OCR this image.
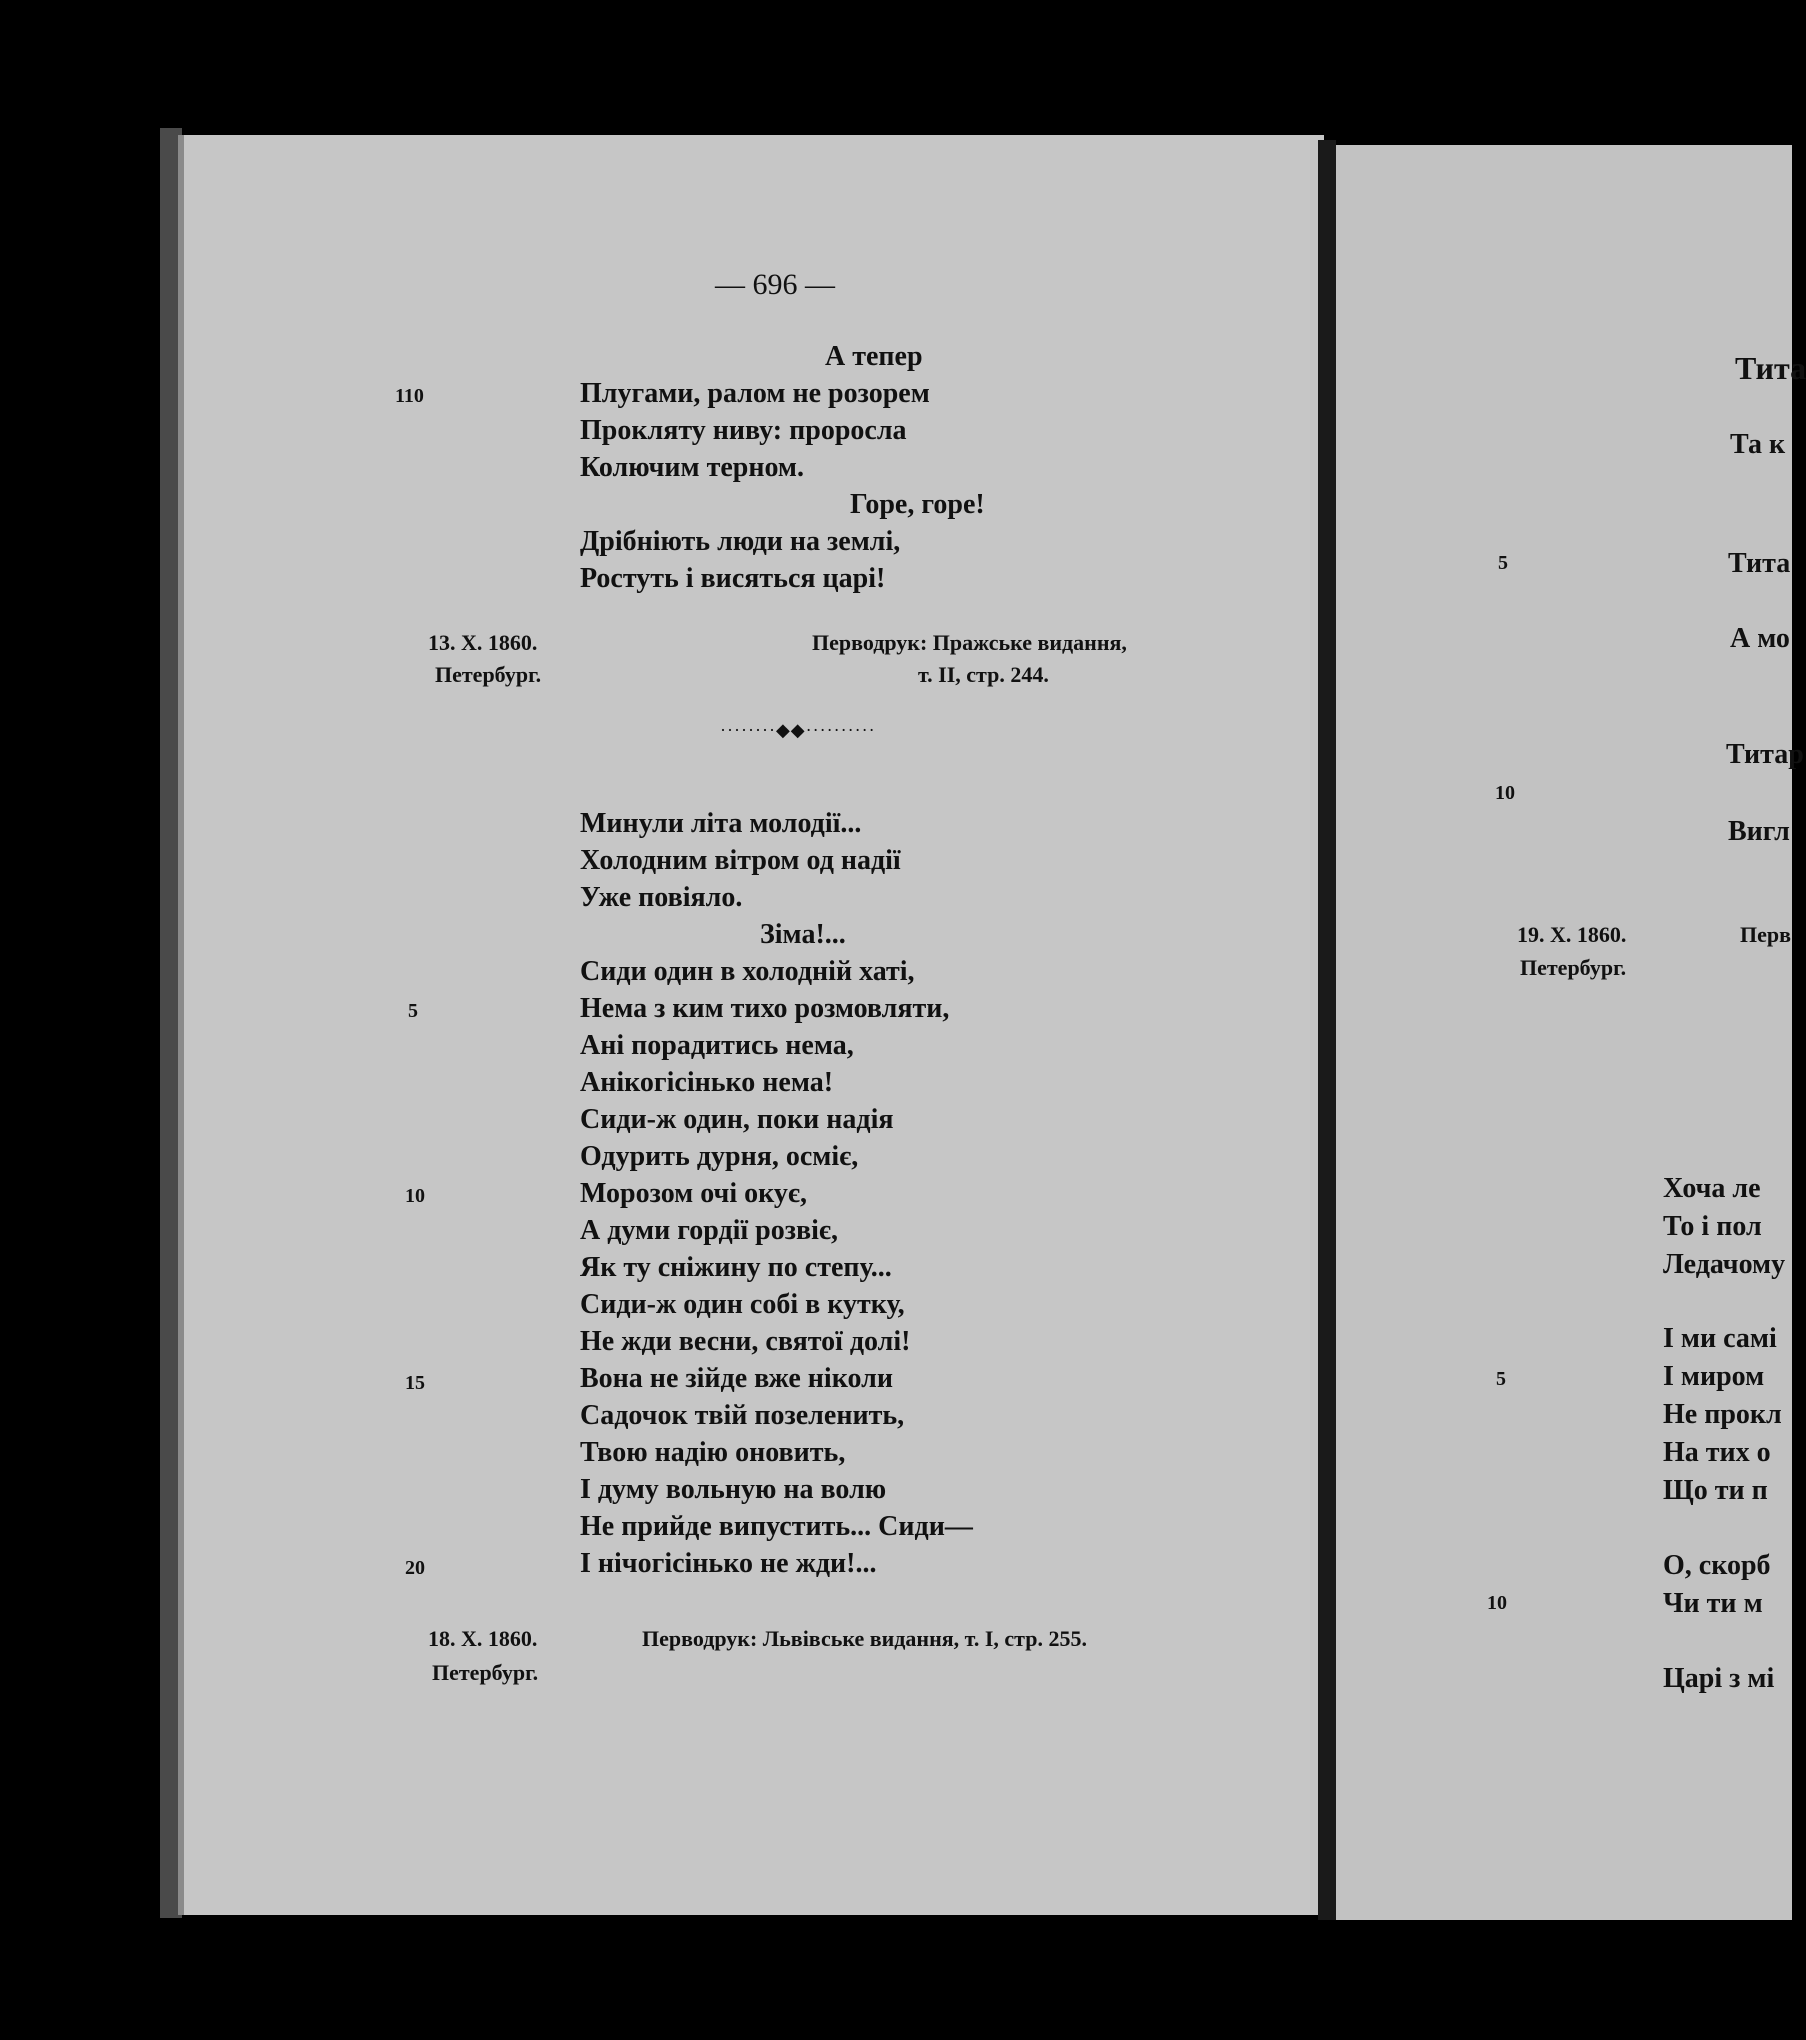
— 696 —
А тепер
Плугами, ралом не розорем
Прокляту ниву: проросла
Колючим терном.
Горе, горе!
Дрібніють люди на землі,
Ростуть і висяться царі!
110
13. X. 1860.
Петербург.
Перводрук: Пражське видання,
т. II, стр. 244.
········◆◆··········
Минули літа молодії...
Холодним вітром од надії
Уже повіяло.
Зіма!...
Сиди один в холодній хаті,
Нема з ким тихо розмовляти,
Ані порадитись нема,
Анікогісінько нема!
Сиди-ж один, поки надія
Одурить дурня, осміє,
Морозом очі окує,
А думи гордії розвіє,
Як ту сніжину по степу...
Сиди-ж один собі в кутку,
Не жди весни, святої долі!
Вона не зійде вже ніколи
Садочок твій позеленить,
Твою надію оновить,
І думу вольную на волю
Не прийде випустить... Сиди—
І нічогісінько не жди!...
5
10
15
20
18. X. 1860.
Петербург.
Перводрук: Львівське видання, т. I, стр. 255.
Тита
Та к
Тита
А мо
Титар
Вигл
Перв
Хоча ле
То і пол
Ледачому
І ми самі
І миром
Не прокл
На тих о
Що ти п
О, скорб
Чи ти м
Царі з мі
5
10
5
10
19. X. 1860.
Петербург.
